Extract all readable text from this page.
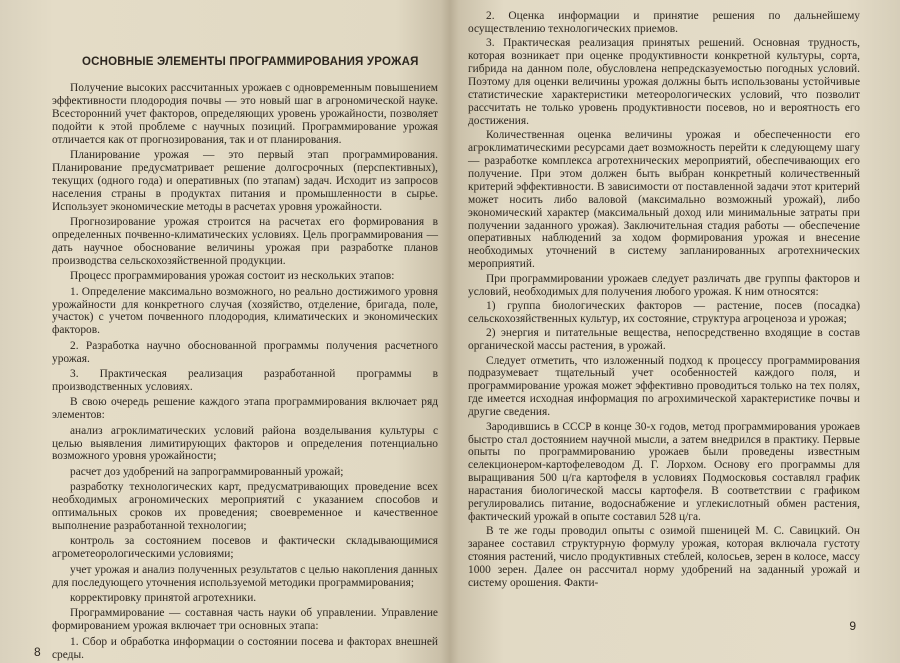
ОСНОВНЫЕ ЭЛЕМЕНТЫ ПРОГРАММИРОВАНИЯ УРОЖАЯ

Получение высоких рассчитанных урожаев с одновременным повышением эффективности плодородия почвы — это новый шаг в агрономической науке. Всесторонний учет факторов, определяющих уровень урожайности, позволяет подойти к этой проблеме с научных позиций. Программирование урожая отличается как от прогнозирования, так и от планирования.

Планирование урожая — это первый этап программирования. Планирование предусматривает решение долгосрочных (перспективных), текущих (одного года) и оперативных (по этапам) задач. Исходит из запросов населения страны в продуктах питания и промышленности в сырье. Использует экономические методы в расчетах уровня урожайности.

Прогнозирование урожая строится на расчетах его формирования в определенных почвенно-климатических условиях. Цель программирования — дать научное обоснование величины урожая при разработке планов производства сельскохозяйственной продукции.

Процесс программирования урожая состоит из нескольких этапов:

1. Определение максимально возможного, но реально достижимого уровня урожайности для конкретного случая (хозяйство, отделение, бригада, поле, участок) с учетом почвенного плодородия, климатических и экономических факторов.

2. Разработка научно обоснованной программы получения расчетного урожая.

3. Практическая реализация разработанной программы в производственных условиях.

В свою очередь решение каждого этапа программирования включает ряд элементов:

анализ агроклиматических условий района возделывания культуры с целью выявления лимитирующих факторов и определения потенциально возможного уровня урожайности;

расчет доз удобрений на запрограммированный урожай;

разработку технологических карт, предусматривающих проведение всех необходимых агрономических мероприятий с указанием способов и оптимальных сроков их проведения; своевременное и качественное выполнение разработанной технологии;

контроль за состоянием посевов и фактически складывающимися агрометеорологическими условиями;

учет урожая и анализ полученных результатов с целью накопления данных для последующего уточнения используемой методики программирования;

корректировку принятой агротехники.

Программирование — составная часть науки об управлении. Управление формированием урожая включает три основных этапа:

1. Сбор и обработка информации о состоянии посева и факторах внешней среды.

8

2. Оценка информации и принятие решения по дальнейшему осуществлению технологических приемов.

3. Практическая реализация принятых решений. Основная трудность, которая возникает при оценке продуктивности конкретной культуры, сорта, гибрида на данном поле, обусловлена непредсказуемостью погодных условий. Поэтому для оценки величины урожая должны быть использованы устойчивые статистические характеристики метеорологических условий, что позволит рассчитать не только уровень продуктивности посевов, но и вероятность его достижения.

Количественная оценка величины урожая и обеспеченности его агроклиматическими ресурсами дает возможность перейти к следующему шагу — разработке комплекса агротехнических мероприятий, обеспечивающих его получение. При этом должен быть выбран конкретный количественный критерий эффективности. В зависимости от поставленной задачи этот критерий может носить либо валовой (максимально возможный урожай), либо экономический характер (максимальный доход или минимальные затраты при получении заданного урожая). Заключительная стадия работы — обеспечение оперативных наблюдений за ходом формирования урожая и внесение необходимых уточнений в систему запланированных агротехнических мероприятий.

При программировании урожаев следует различать две группы факторов и условий, необходимых для получения любого урожая. К ним относятся:

1) группа биологических факторов — растение, посев (посадка) сельскохозяйственных культур, их состояние, структура агроценоза и урожая;

2) энергия и питательные вещества, непосредственно входящие в состав органической массы растения, в урожай.

Следует отметить, что изложенный подход к процессу программирования подразумевает тщательный учет особенностей каждого поля, и программирование урожая может эффективно проводиться только на тех полях, где имеется исходная информация по агрохимической характеристике почвы и другие сведения.

Зародившись в СССР в конце 30-х годов, метод программирования урожаев быстро стал достоянием научной мысли, а затем внедрился в практику. Первые опыты по программированию урожаев были проведены известным селекционером-картофелеводом Д. Г. Лорхом. Основу его программы для выращивания 500 ц/га картофеля в условиях Подмосковья составлял график нарастания биологической массы картофеля. В соответствии с графиком регулировались питание, водоснабжение и углекислотный обмен растения, фактический урожай в опыте составил 528 ц/га.

В те же годы проводил опыты с озимой пшеницей М. С. Савицкий. Он заранее составил структурную формулу урожая, которая включала густоту стояния растений, число продуктивных стеблей, колосьев, зерен в колосе, массу 1000 зерен. Далее он рассчитал норму удобрений на заданный урожай и систему орошения. Факти-

9
